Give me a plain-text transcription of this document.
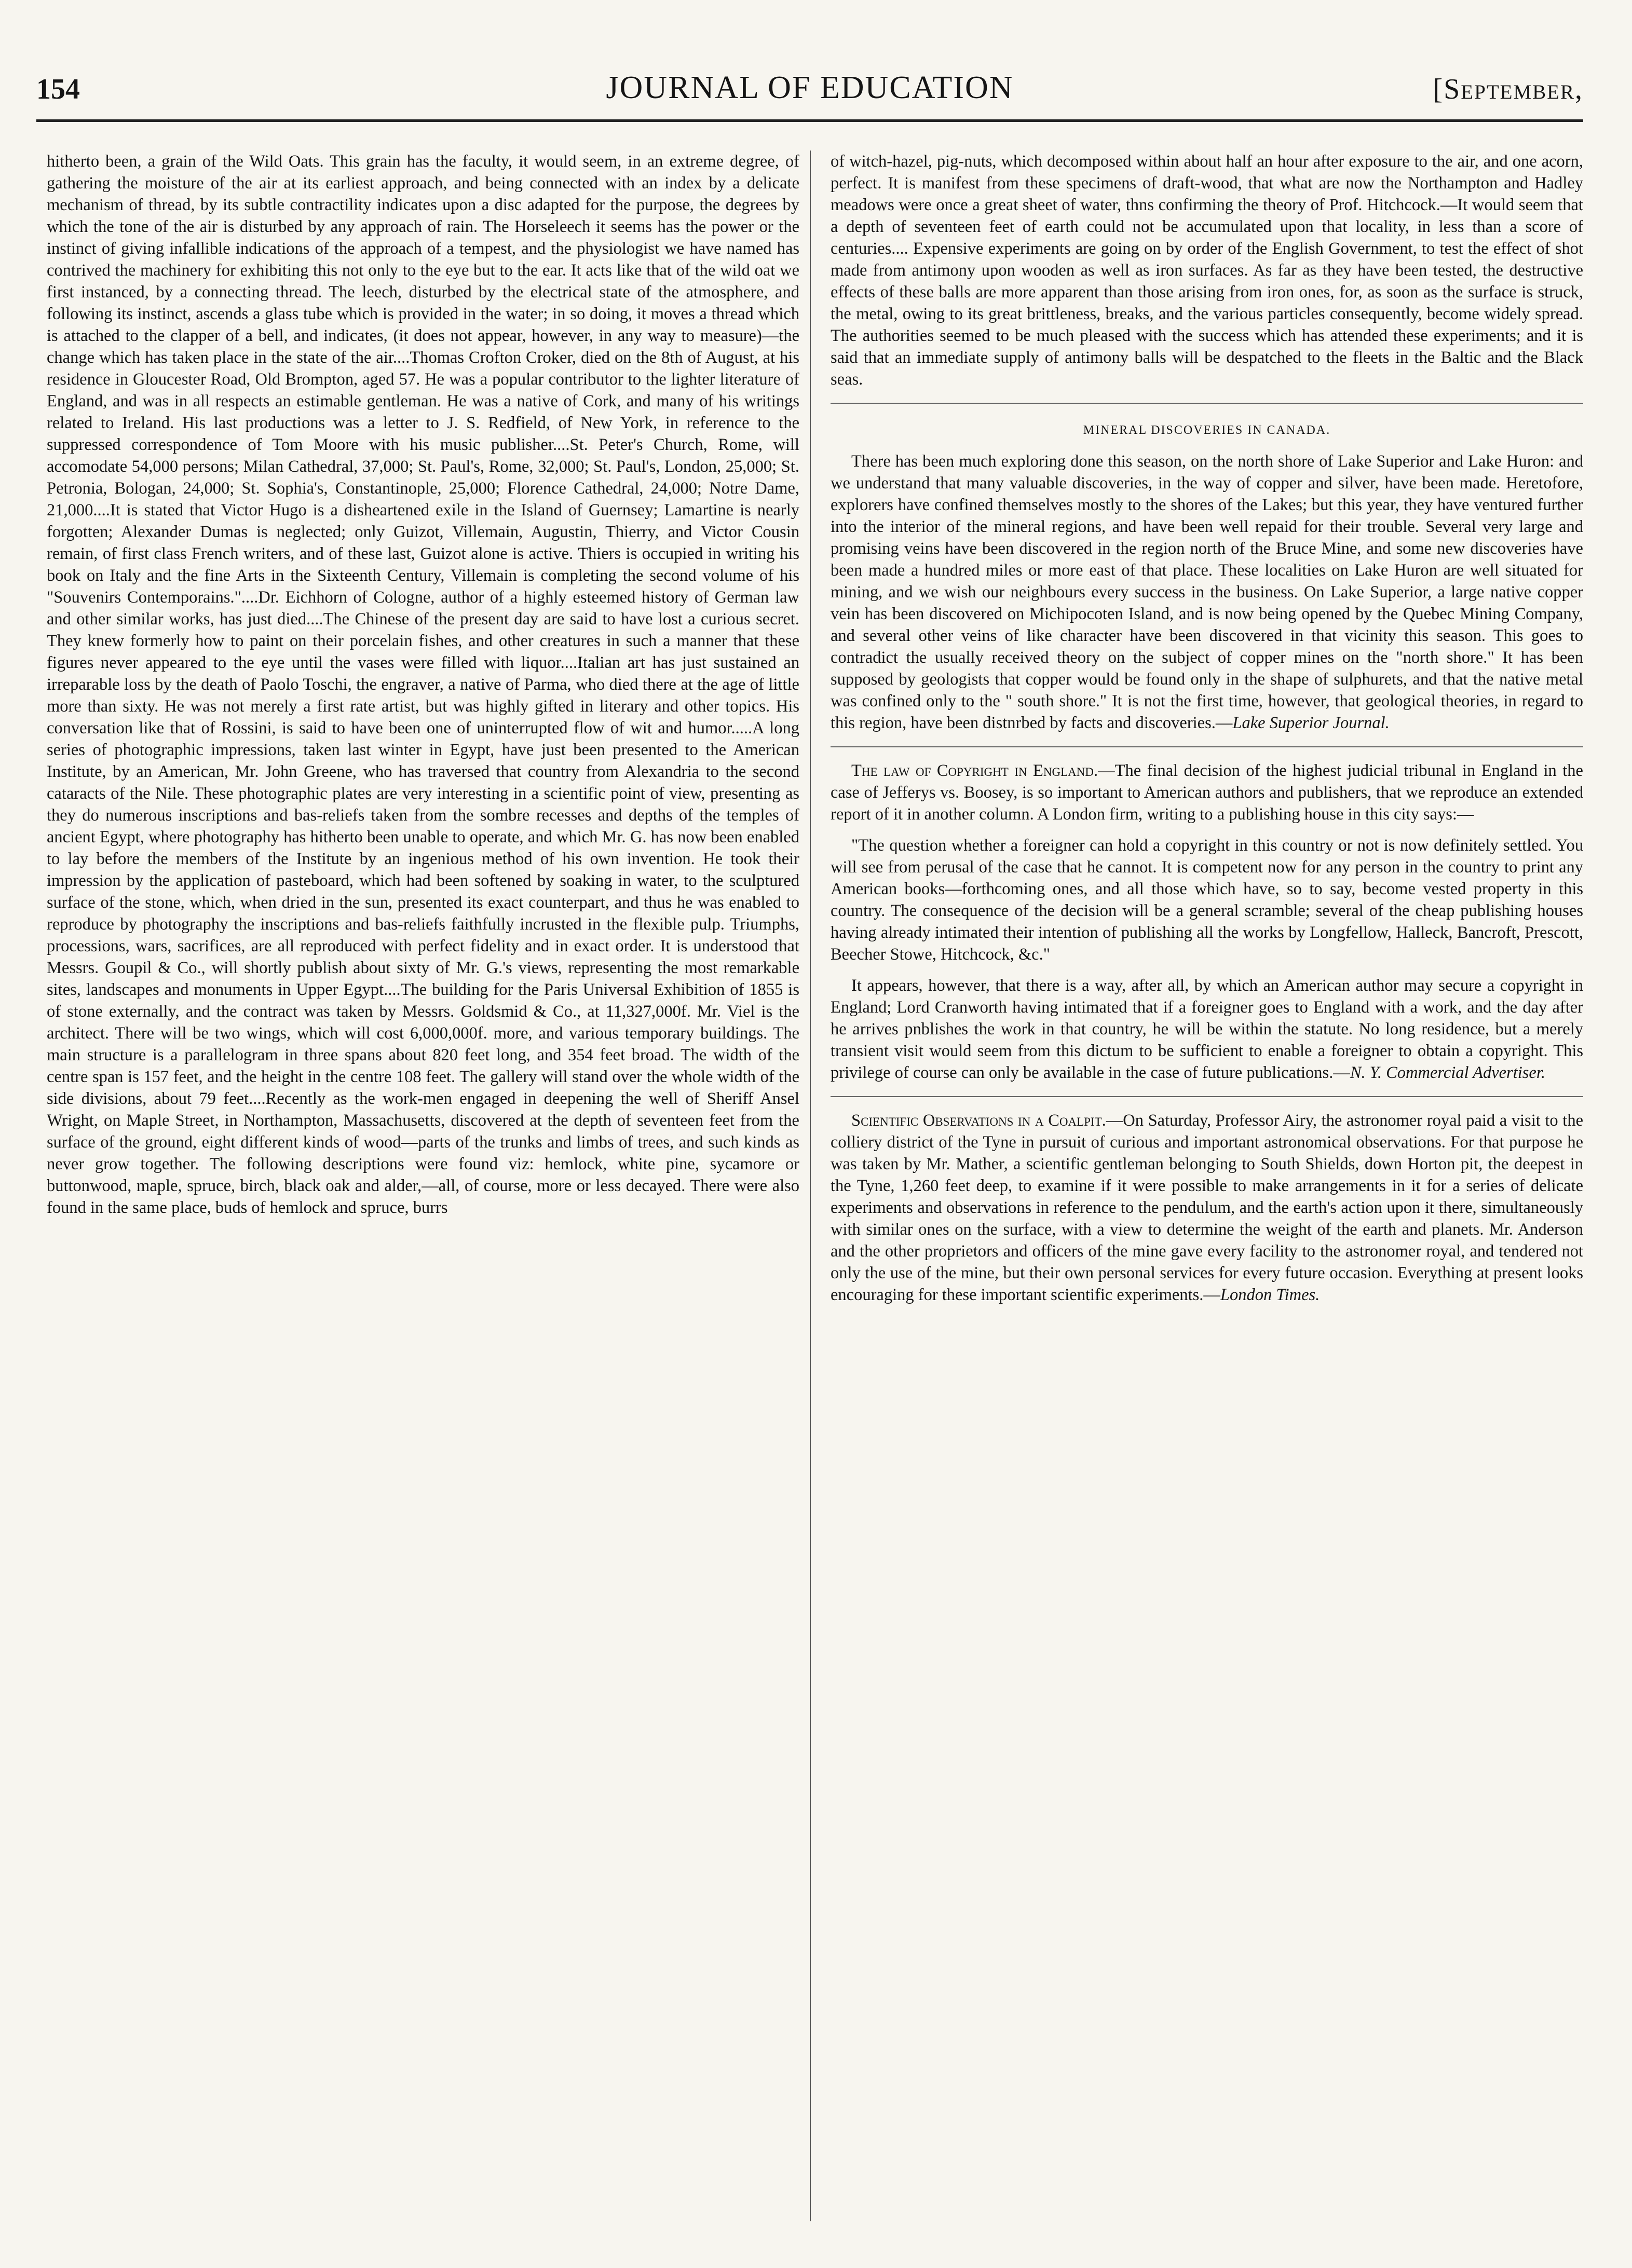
154	JOURNAL OF EDUCATION	[September,

hitherto been, a grain of the Wild Oats. This grain has the faculty, it would seem, in an extreme degree, of gathering the moisture of the air at its earliest approach, and being connected with an index by a delicate mechanism of thread, by its subtle contractility indicates upon a disc adapted for the purpose, the degrees by which the tone of the air is disturbed by any approach of rain. The Horseleech it seems has the power or the instinct of giving infallible indications of the approach of a tempest, and the physiologist we have named has contrived the machinery for exhibiting this not only to the eye but to the ear. It acts like that of the wild oat we first instanced, by a connecting thread. The leech, disturbed by the electrical state of the atmosphere, and following its instinct, ascends a glass tube which is provided in the water; in so doing, it moves a thread which is attached to the clapper of a bell, and indicates, (it does not appear, however, in any way to measure)—the change which has taken place in the state of the air....Thomas Crofton Croker, died on the 8th of August, at his residence in Gloucester Road, Old Brompton, aged 57. He was a popular contributor to the lighter literature of England, and was in all respects an estimable gentleman. He was a native of Cork, and many of his writings related to Ireland. His last productions was a letter to J. S. Redfield, of New York, in reference to the suppressed correspondence of Tom Moore with his music publisher....St. Peter's Church, Rome, will accomodate 54,000 persons; Milan Cathedral, 37,000; St. Paul's, Rome, 32,000; St. Paul's, London, 25,000; St. Petronia, Bologan, 24,000; St. Sophia's, Constantinople, 25,000; Florence Cathedral, 24,000; Notre Dame, 21,000....It is stated that Victor Hugo is a disheartened exile in the Island of Guernsey; Lamartine is nearly forgotten; Alexander Dumas is neglected; only Guizot, Villemain, Augustin, Thierry, and Victor Cousin remain, of first class French writers, and of these last, Guizot alone is active. Thiers is occupied in writing his book on Italy and the fine Arts in the Sixteenth Century, Villemain is completing the second volume of his "Souvenirs Contemporains."....Dr. Eichhorn of Cologne, author of a highly esteemed history of German law and other similar works, has just died....The Chinese of the present day are said to have lost a curious secret. They knew formerly how to paint on their porcelain fishes, and other creatures in such a manner that these figures never appeared to the eye until the vases were filled with liquor....Italian art has just sustained an irreparable loss by the death of Paolo Toschi, the engraver, a native of Parma, who died there at the age of little more than sixty. He was not merely a first rate artist, but was highly gifted in literary and other topics. His conversation like that of Rossini, is said to have been one of uninterrupted flow of wit and humor.....A long series of photographic impressions, taken last winter in Egypt, have just been presented to the American Institute, by an American, Mr. John Greene, who has traversed that country from Alexandria to the second cataracts of the Nile. These photographic plates are very interesting in a scientific point of view, presenting as they do numerous inscriptions and bas-reliefs taken from the sombre recesses and depths of the temples of ancient Egypt, where photography has hitherto been unable to operate, and which Mr. G. has now been enabled to lay before the members of the Institute by an ingenious method of his own invention. He took their impression by the application of pasteboard, which had been softened by soaking in water, to the sculptured surface of the stone, which, when dried in the sun, presented its exact counterpart, and thus he was enabled to reproduce by photography the inscriptions and bas-reliefs faithfully incrusted in the flexible pulp. Triumphs, processions, wars, sacrifices, are all reproduced with perfect fidelity and in exact order. It is understood that Messrs. Goupil & Co., will shortly publish about sixty of Mr. G.'s views, representing the most remarkable sites, landscapes and monuments in Upper Egypt....The building for the Paris Universal Exhibition of 1855 is of stone externally, and the contract was taken by Messrs. Goldsmid & Co., at 11,327,000f. Mr. Viel is the architect. There will be two wings, which will cost 6,000,000f. more, and various temporary buildings. The main structure is a parallelogram in three spans about 820 feet long, and 354 feet broad. The width of the centre span is 157 feet, and the height in the centre 108 feet. The gallery will stand over the whole width of the side divisions, about 79 feet....Recently as the work-men engaged in deepening the well of Sheriff Ansel Wright, on Maple Street, in Northampton, Massachusetts, discovered at the depth of seventeen feet from the surface of the ground, eight different kinds of wood—parts of the trunks and limbs of trees, and such kinds as never grow together. The following descriptions were found viz: hemlock, white pine, sycamore or buttonwood, maple, spruce, birch, black oak and alder,—all, of course, more or less decayed. There were also found in the same place, buds of hemlock and spruce, burrs

of witch-hazel, pig-nuts, which decomposed within about half an hour after exposure to the air, and one acorn, perfect. It is manifest from these specimens of draft-wood, that what are now the Northampton and Hadley meadows were once a great sheet of water, thns confirming the theory of Prof. Hitchcock.—It would seem that a depth of seventeen feet of earth could not be accumulated upon that locality, in less than a score of centuries.... Expensive experiments are going on by order of the English Government, to test the effect of shot made from antimony upon wooden as well as iron surfaces. As far as they have been tested, the destructive effects of these balls are more apparent than those arising from iron ones, for, as soon as the surface is struck, the metal, owing to its great brittleness, breaks, and the various particles consequently, become widely spread. The authorities seemed to be much pleased with the success which has attended these experiments; and it is said that an immediate supply of antimony balls will be despatched to the fleets in the Baltic and the Black seas.

MINERAL DISCOVERIES IN CANADA.

There has been much exploring done this season, on the north shore of Lake Superior and Lake Huron: and we understand that many valuable discoveries, in the way of copper and silver, have been made. Heretofore, explorers have confined themselves mostly to the shores of the Lakes; but this year, they have ventured further into the interior of the mineral regions, and have been well repaid for their trouble. Several very large and promising veins have been discovered in the region north of the Bruce Mine, and some new discoveries have been made a hundred miles or more east of that place. These localities on Lake Huron are well situated for mining, and we wish our neighbours every success in the business. On Lake Superior, a large native copper vein has been discovered on Michipocoten Island, and is now being opened by the Quebec Mining Company, and several other veins of like character have been discovered in that vicinity this season. This goes to contradict the usually received theory on the subject of copper mines on the "north shore." It has been supposed by geologists that copper would be found only in the shape of sulphurets, and that the native metal was confined only to the " south shore." It is not the first time, however, that geological theories, in regard to this region, have been distnrbed by facts and discoveries.—Lake Superior Journal.

The law of Copyright in England.—The final decision of the highest judicial tribunal in England in the case of Jefferys vs. Boosey, is so important to American authors and publishers, that we reproduce an extended report of it in another column. A London firm, writing to a publishing house in this city says:—

"The question whether a foreigner can hold a copyright in this country or not is now definitely settled. You will see from perusal of the case that he cannot. It is competent now for any person in the country to print any American books—forthcoming ones, and all those which have, so to say, become vested property in this country. The consequence of the decision will be a general scramble; several of the cheap publishing houses having already intimated their intention of publishing all the works by Longfellow, Halleck, Bancroft, Prescott, Beecher Stowe, Hitchcock, &c."

It appears, however, that there is a way, after all, by which an American author may secure a copyright in England; Lord Cranworth having intimated that if a foreigner goes to England with a work, and the day after he arrives pnblishes the work in that country, he will be within the statute. No long residence, but a merely transient visit would seem from this dictum to be sufficient to enable a foreigner to obtain a copyright. This privilege of course can only be available in the case of future publications.—N. Y. Commercial Advertiser.

Scientific Observations in a Coalpit.—On Saturday, Professor Airy, the astronomer royal paid a visit to the colliery district of the Tyne in pursuit of curious and important astronomical observations. For that purpose he was taken by Mr. Mather, a scientific gentleman belonging to South Shields, down Horton pit, the deepest in the Tyne, 1,260 feet deep, to examine if it were possible to make arrangements in it for a series of delicate experiments and observations in reference to the pendulum, and the earth's action upon it there, simultaneously with similar ones on the surface, with a view to determine the weight of the earth and planets. Mr. Anderson and the other proprietors and officers of the mine gave every facility to the astronomer royal, and tendered not only the use of the mine, but their own personal services for every future occasion. Everything at present looks encouraging for these important scientific experiments.—London Times.
